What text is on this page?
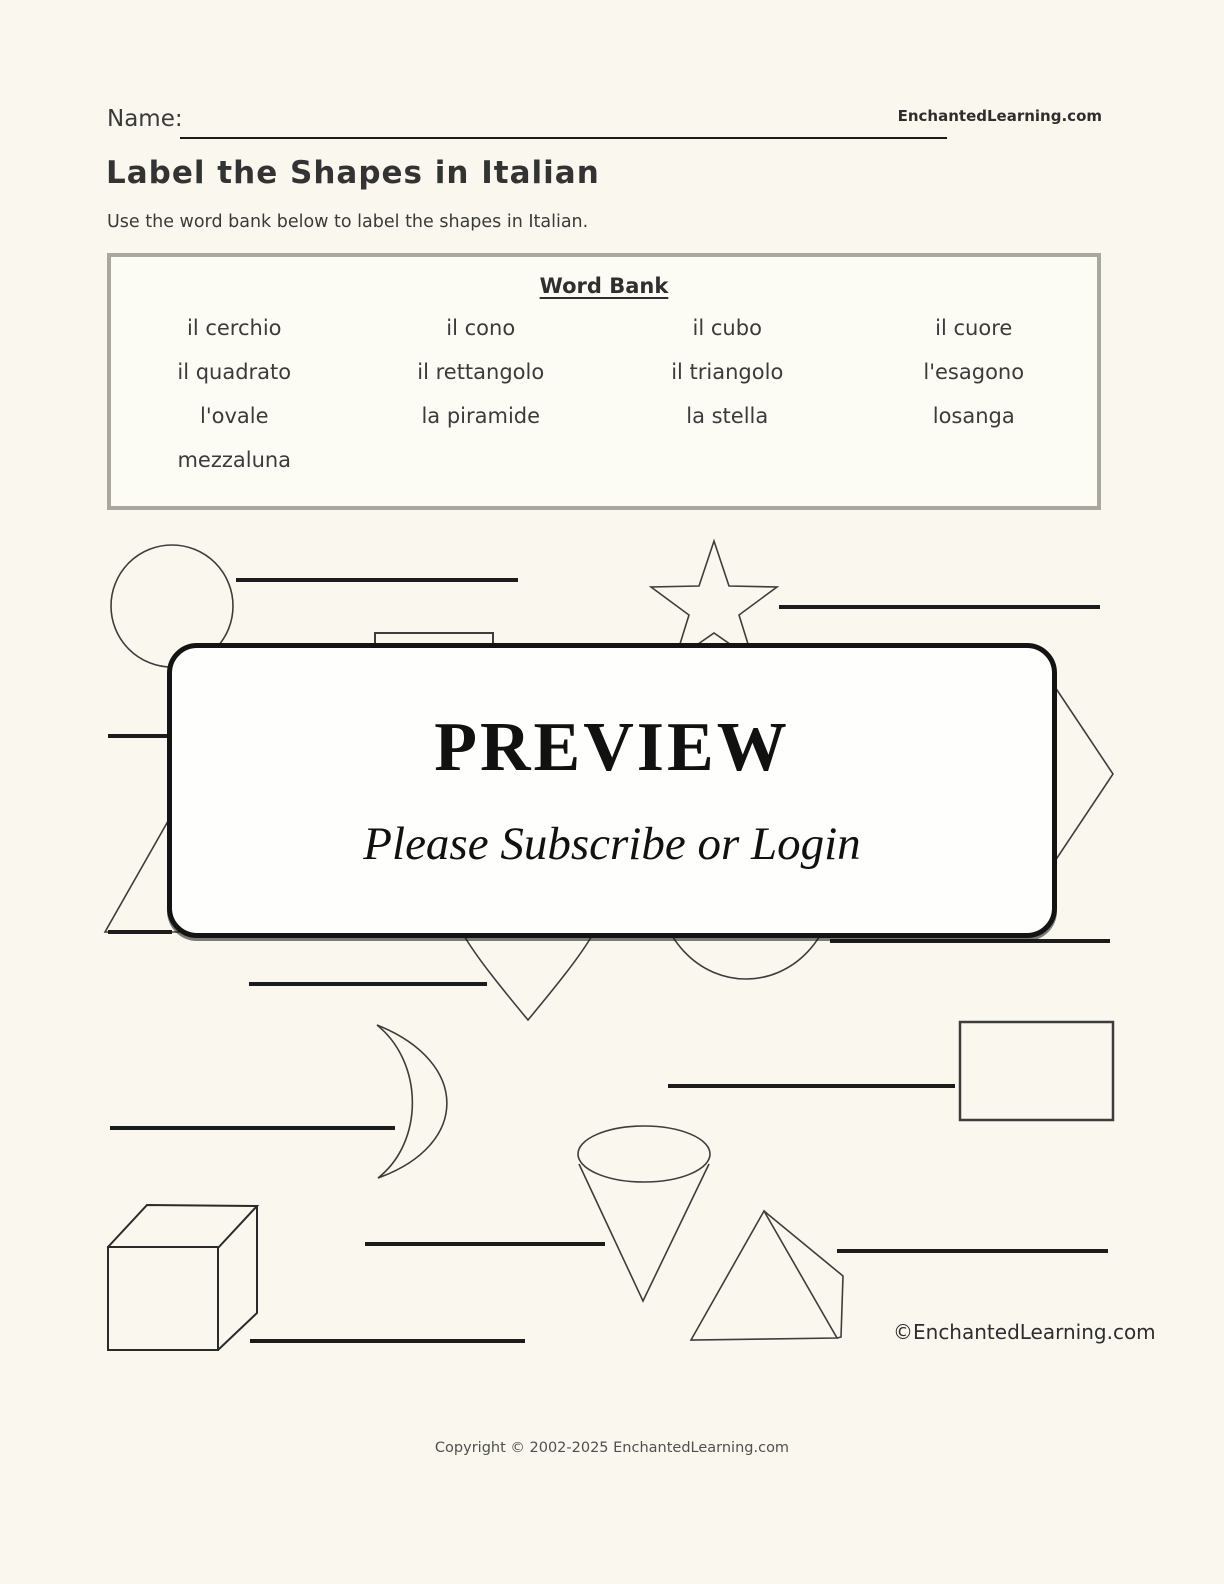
Name:	EnchantedLearning.com
Label the Shapes in Italian
Use the word bank below to label the shapes in Italian.
Word Bank
il cerchio	il cono	il cubo	il cuore
il quadrato	il rettangolo	il triangolo	l'esagono
l'ovale	la piramide	la stella	losanga
mezzaluna
PREVIEW
Please Subscribe or Login
©EnchantedLearning.com
Copyright © 2002-2025 EnchantedLearning.com
